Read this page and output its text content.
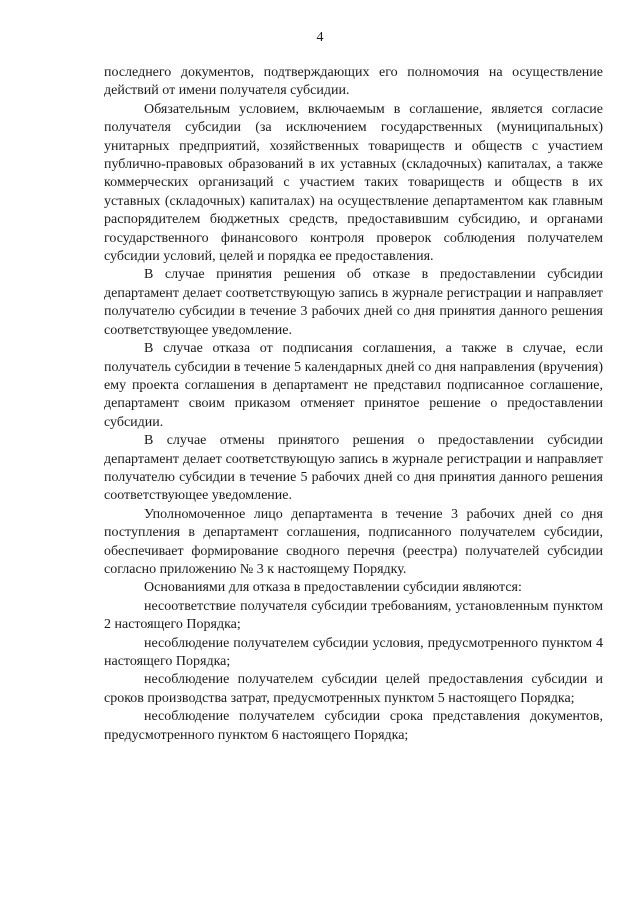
4

последнего документов, подтверждающих его полномочия на осуществление действий от имени получателя субсидии.

Обязательным условием, включаемым в соглашение, является согласие получателя субсидии (за исключением государственных (муниципальных) унитарных предприятий, хозяйственных товариществ и обществ с участием публично-правовых образований в их уставных (складочных) капиталах, а также коммерческих организаций с участием таких товариществ и обществ в их уставных (складочных) капиталах) на осуществление департаментом как главным распорядителем бюджетных средств, предоставившим субсидию, и органами государственного финансового контроля проверок соблюдения получателем субсидии условий, целей и порядка ее предоставления.

В случае принятия решения об отказе в предоставлении субсидии департамент делает соответствующую запись в журнале регистрации и направляет получателю субсидии в течение 3 рабочих дней со дня принятия данного решения соответствующее уведомление.

В случае отказа от подписания соглашения, а также в случае, если получатель субсидии в течение 5 календарных дней со дня направления (вручения) ему проекта соглашения в департамент не представил подписанное соглашение, департамент своим приказом отменяет принятое решение о предоставлении субсидии.

В случае отмены принятого решения о предоставлении субсидии департамент делает соответствующую запись в журнале регистрации и направляет получателю субсидии в течение 5 рабочих дней со дня принятия данного решения соответствующее уведомление.

Уполномоченное лицо департамента в течение 3 рабочих дней со дня поступления в департамент соглашения, подписанного получателем субсидии, обеспечивает формирование сводного перечня (реестра) получателей субсидии согласно приложению № 3 к настоящему Порядку.

Основаниями для отказа в предоставлении субсидии являются:

несоответствие получателя субсидии требованиям, установленным пунктом 2 настоящего Порядка;

несоблюдение получателем субсидии условия, предусмотренного пунктом 4 настоящего Порядка;

несоблюдение получателем субсидии целей предоставления субсидии и сроков производства затрат, предусмотренных пунктом 5 настоящего Порядка;

несоблюдение получателем субсидии срока представления документов, предусмотренного пунктом 6 настоящего Порядка;
